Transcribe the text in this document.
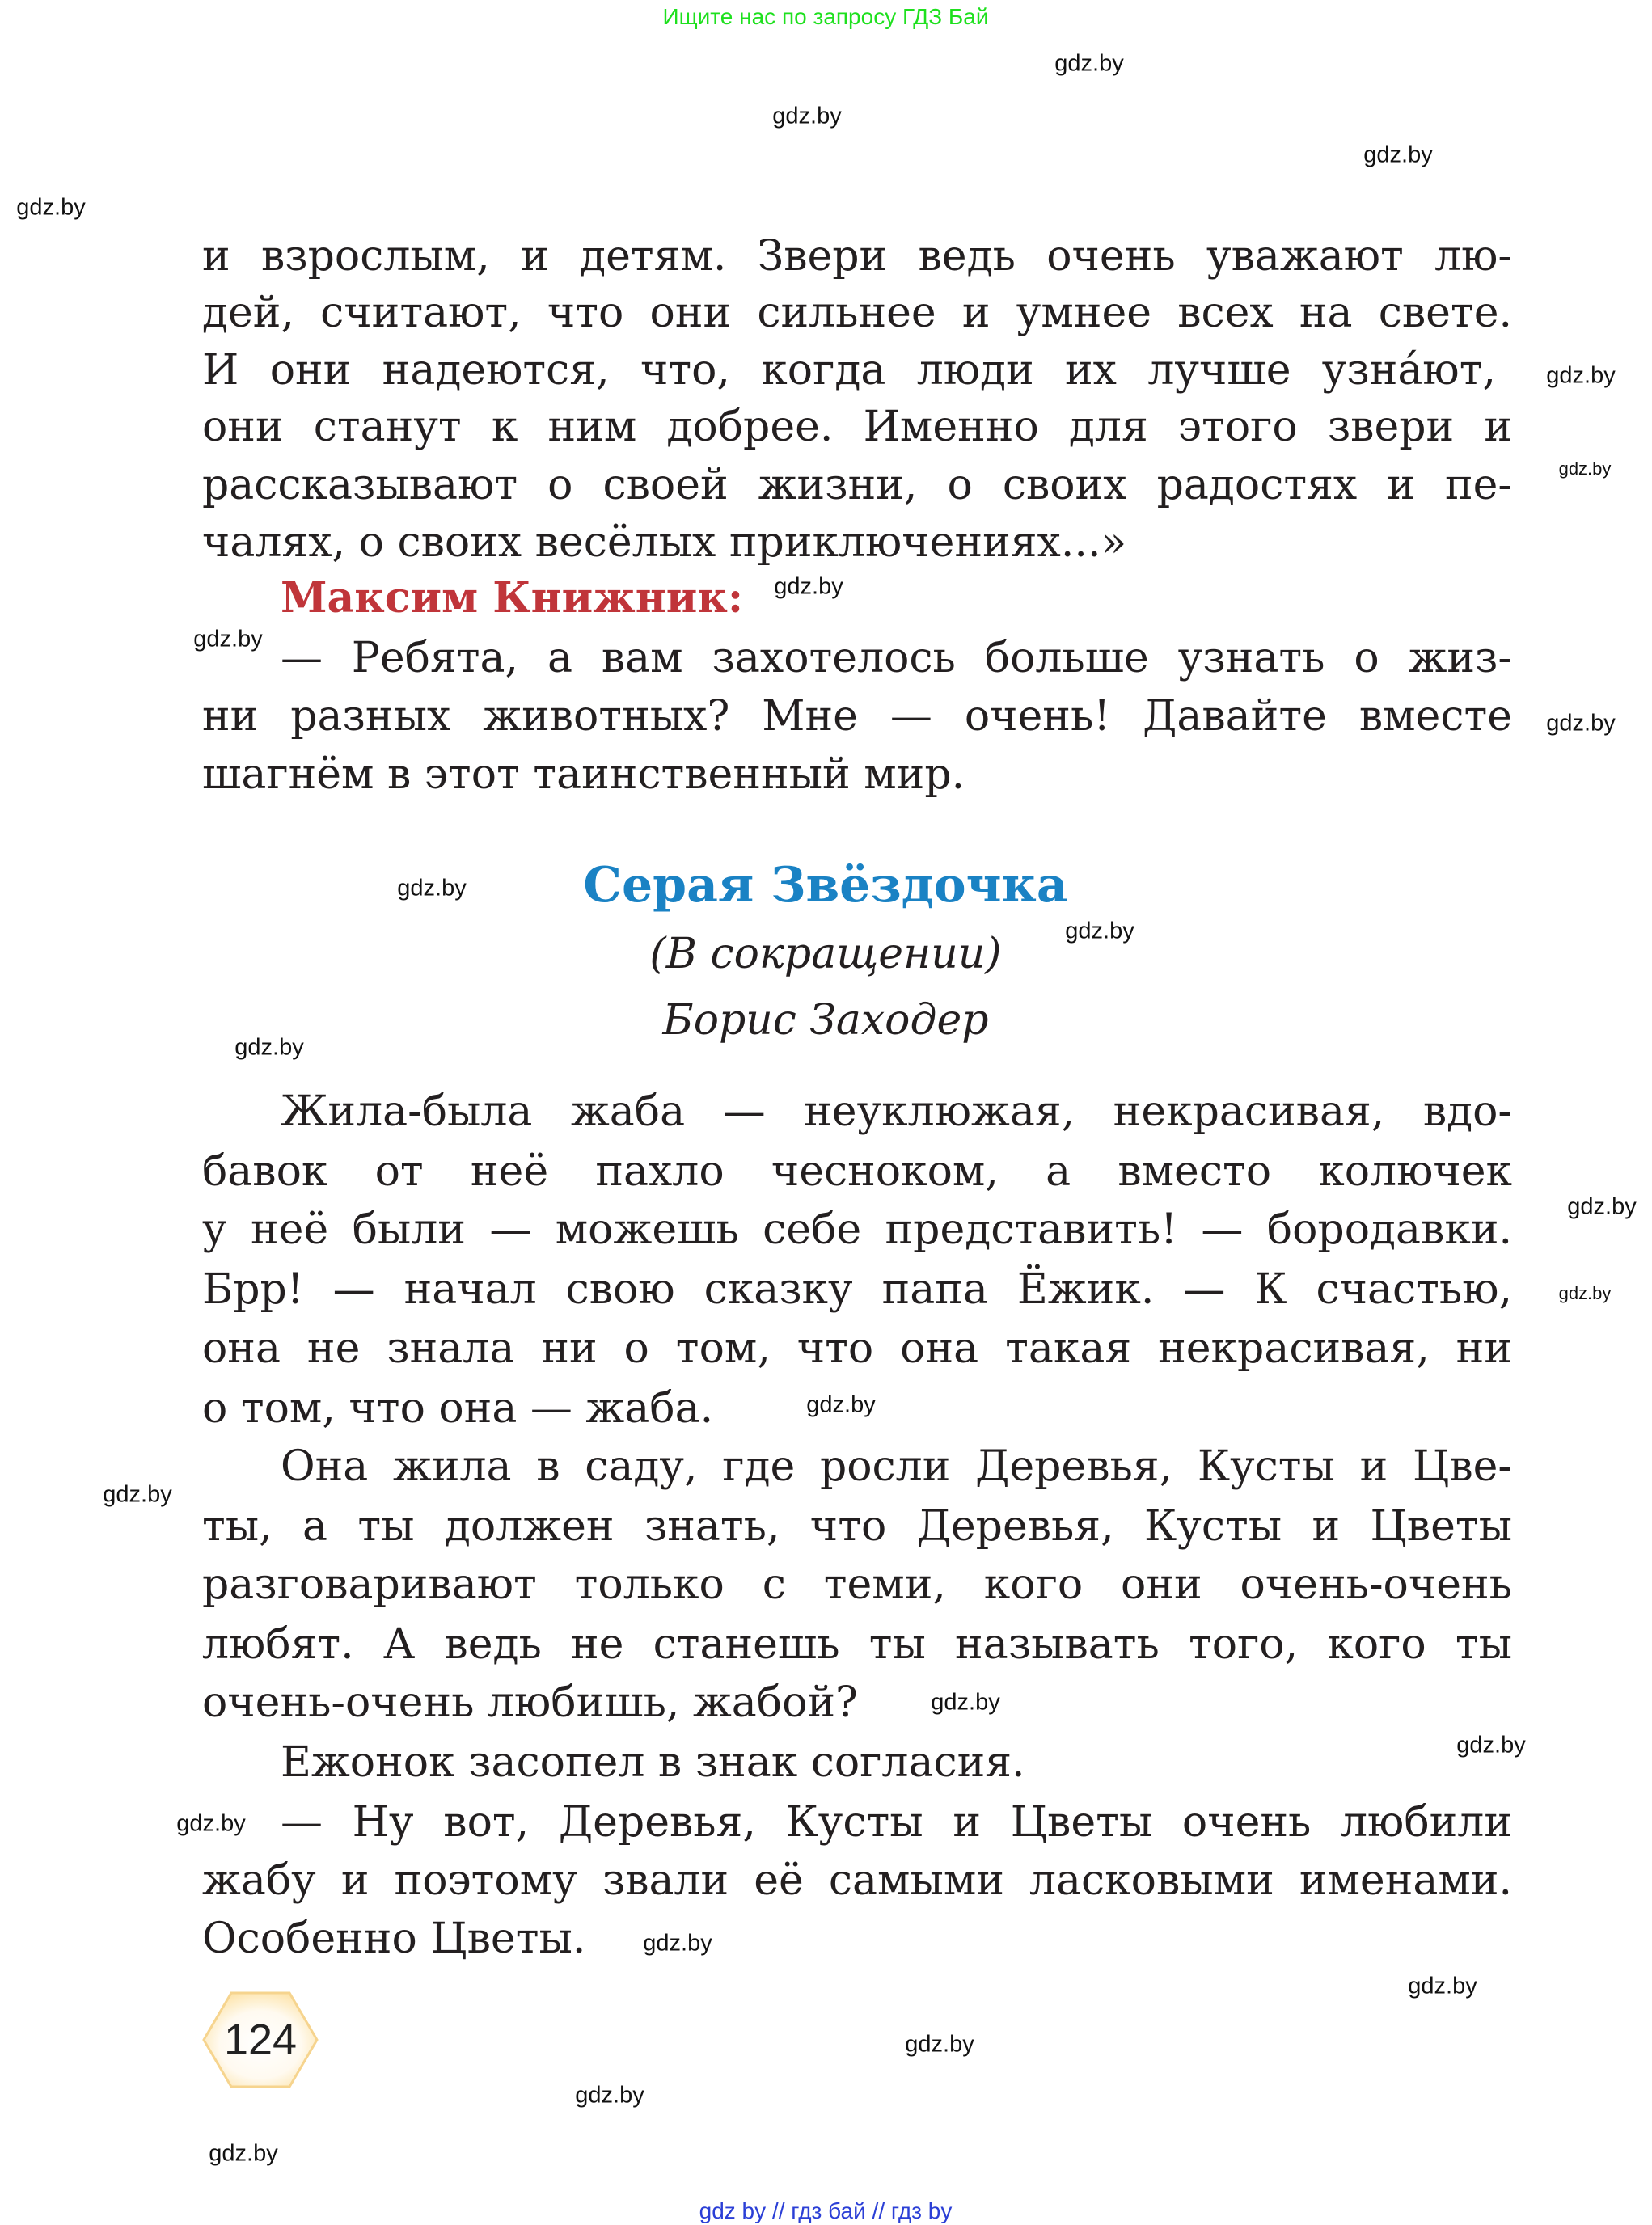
Ищите нас по запросу ГДЗ Бай
и взрослым, и детям. Звери ведь очень уважают лю-
дей, считают, что они сильнее и умнее всех на свете.
И они надеются, что, когда люди их лучше узна́ют,
они станут к ним добрее. Именно для этого звери и
рассказывают о своей жизни, о своих радостях и пе-
чалях, о своих весёлых приключениях...»
Максим Книжник:
— Ребята, а вам захотелось больше узнать о жиз-
ни разных животных? Мне — очень! Давайте вместе
шагнём в этот таинственный мир.
Серая Звёздочка
(В сокращении)
Борис Заходер
Жила-была жаба — неуклюжая, некрасивая, вдо-
бавок от неё пахло чесноком, а вместо колючек
у неё были — можешь себе представить! — бородавки.
Брр! — начал свою сказку папа Ёжик. — К счастью,
она не знала ни о том, что она такая некрасивая, ни
о том, что она — жаба.
Она жила в саду, где росли Деревья, Кусты и Цве-
ты, а ты должен знать, что Деревья, Кусты и Цветы
разговаривают только с теми, кого они очень-очень
любят. А ведь не станешь ты называть того, кого ты
очень-очень любишь, жабой?
Ежонок засопел в знак согласия.
— Ну вот, Деревья, Кусты и Цветы очень любили
жабу и поэтому звали её самыми ласковыми именами.
Особенно Цветы.
124
gdz.by
gdz.by
gdz.by
gdz.by
gdz.by
gdz.by
gdz.by
gdz.by
gdz.by
gdz.by
gdz.by
gdz.by
gdz.by
gdz.by
gdz.by
gdz.by
gdz.by
gdz.by
gdz.by
gdz.by
gdz.by
gdz.by
gdz.by
gdz.by
gdz by // гдз бай // гдз by
